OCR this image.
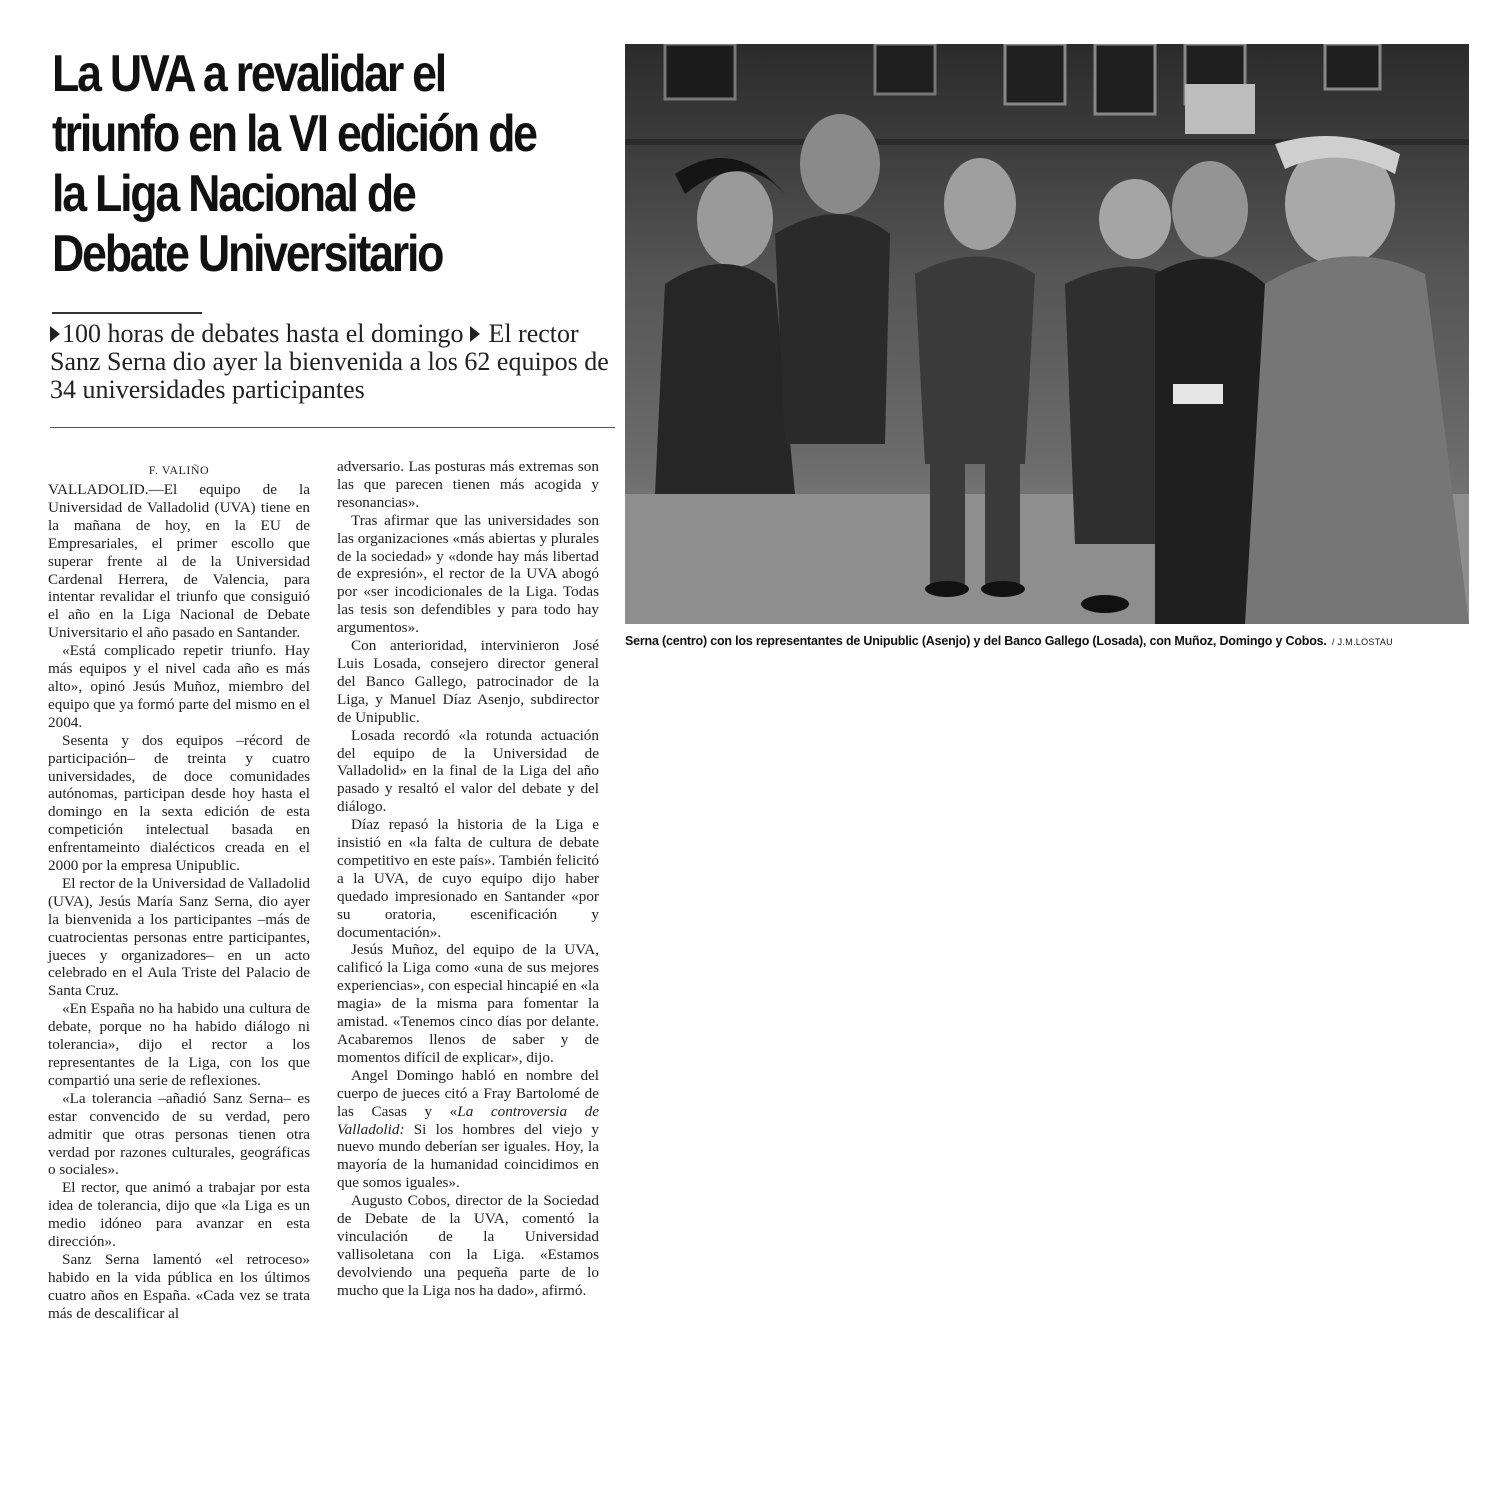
La UVA a revalidar el triunfo en la VI edición de la Liga Nacional de Debate Universitario
100 horas de debates hasta el domingo El rector Sanz Serna dio ayer la bienvenida a los 62 equipos de 34 universidades participantes
F. VALIÑO

VALLADOLID.—El equipo de la Universidad de Valladolid (UVA) tiene en la mañana de hoy, en la EU de Empresariales, el primer escollo que superar frente al de la Universidad Cardenal Herrera, de Valencia, para intentar revalidar el triunfo que consiguió el año en la Liga Nacional de Debate Universitario el año pasado en Santander.

«Está complicado repetir triunfo. Hay más equipos y el nivel cada año es más alto», opinó Jesús Muñoz, miembro del equipo que ya formó parte del mismo en el 2004.

Sesenta y dos equipos –récord de participación– de treinta y cuatro universidades, de doce comunidades autónomas, participan desde hoy hasta el domingo en la sexta edición de esta competición intelectual basada en enfrentameinto dialécticos creada en el 2000 por la empresa Unipublic.

El rector de la Universidad de Valladolid (UVA), Jesús María Sanz Serna, dio ayer la bienvenida a los participantes –más de cuatrocientas personas entre participantes, jueces y organizadores– en un acto celebrado en el Aula Triste del Palacio de Santa Cruz.

«En España no ha habido una cultura de debate, porque no ha habido diálogo ni tolerancia», dijo el rector a los representantes de la Liga, con los que compartió una serie de reflexiones.

«La tolerancia –añadió Sanz Serna– es estar convencido de su verdad, pero admitir que otras personas tienen otra verdad por razones culturales, geográficas o sociales».

El rector, que animó a trabajar por esta idea de tolerancia, dijo que «la Liga es un medio idóneo para avanzar en esta dirección».

Sanz Serna lamentó «el retroceso» habido en la vida pública en los últimos cuatro años en España. «Cada vez se trata más de descalificar al

adversario. Las posturas más extremas son las que parecen tienen más acogida y resonancias».

Tras afirmar que las universidades son las organizaciones «más abiertas y plurales de la sociedad» y «donde hay más libertad de expresión», el rector de la UVA abogó por «ser incodicionales de la Liga. Todas las tesis son defendibles y para todo hay argumentos».

Con anterioridad, intervinieron José Luis Losada, consejero director general del Banco Gallego, patrocinador de la Liga, y Manuel Díaz Asenjo, subdirector de Unipublic.

Losada recordó «la rotunda actuación del equipo de la Universidad de Valladolid» en la final de la Liga del año pasado y resaltó el valor del debate y del diálogo.

Díaz repasó la historia de la Liga e insistió en «la falta de cultura de debate competitivo en este país». También felicitó a la UVA, de cuyo equipo dijo haber quedado impresionado en Santander «por su oratoria, escenificación y documentación».

Jesús Muñoz, del equipo de la UVA, calificó la Liga como «una de sus mejores experiencias», con especial hincapié en «la magia» de la misma para fomentar la amistad. «Tenemos cinco días por delante. Acabaremos llenos de saber y de momentos difícil de explicar», dijo.

Angel Domingo habló en nombre del cuerpo de jueces citó a Fray Bartolomé de las Casas y «La controversia de Valladolid: Si los hombres del viejo y nuevo mundo deberían ser iguales. Hoy, la mayoría de la humanidad coincidimos en que somos iguales».

Augusto Cobos, director de la Sociedad de Debate de la UVA, comentó la vinculación de la Universidad vallisoletana con la Liga. «Estamos devolviendo una pequeña parte de lo mucho que la Liga nos ha dado», afirmó.

Serna (centro) con los representantes de Unipublic (Asenjo) y del Banco Gallego (Losada), con Muñoz, Domingo y Cobos. / J.M.LOSTAU
